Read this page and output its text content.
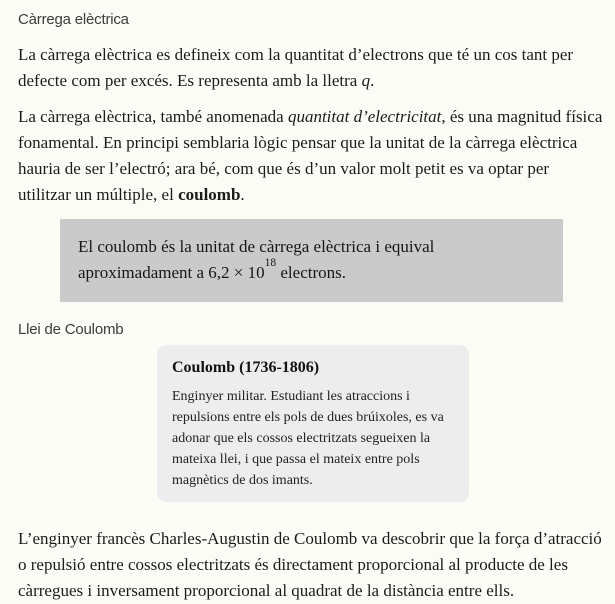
Càrrega elèctrica

La càrrega elèctrica es defineix com la quantitat d’electrons que té un cos tant per defecte com per excés. Es representa amb la lletra q.

La càrrega elèctrica, també anomenada quantitat d’electricitat, és una magnitud física fonamental. En principi semblaria lògic pensar que la unitat de la càrrega elèctrica hauria de ser l’electró; ara bé, com que és d’un valor molt petit es va optar per utilitzar un múltiple, el coulomb.

El coulomb és la unitat de càrrega elèctrica i equival aproximadament a $6,2 \times 10^{18}$ electrons.

Llei de Coulomb
Coulomb (1736-1806)

Enginyer militar. Estudiant les atraccions i repulsions entre els pols de dues brúixoles, es va adonar que els cossos electritzats segueixen la mateixa llei, i que passa el mateix entre pols magnètics de dos imants.

L’enginyer francès Charles-Augustin de Coulomb va descobrir que la força d’atracció o repulsió entre cossos electritzats és directament proporcional al producte de les càrregues i inversament proporcional al quadrat de la distància entre ells.
